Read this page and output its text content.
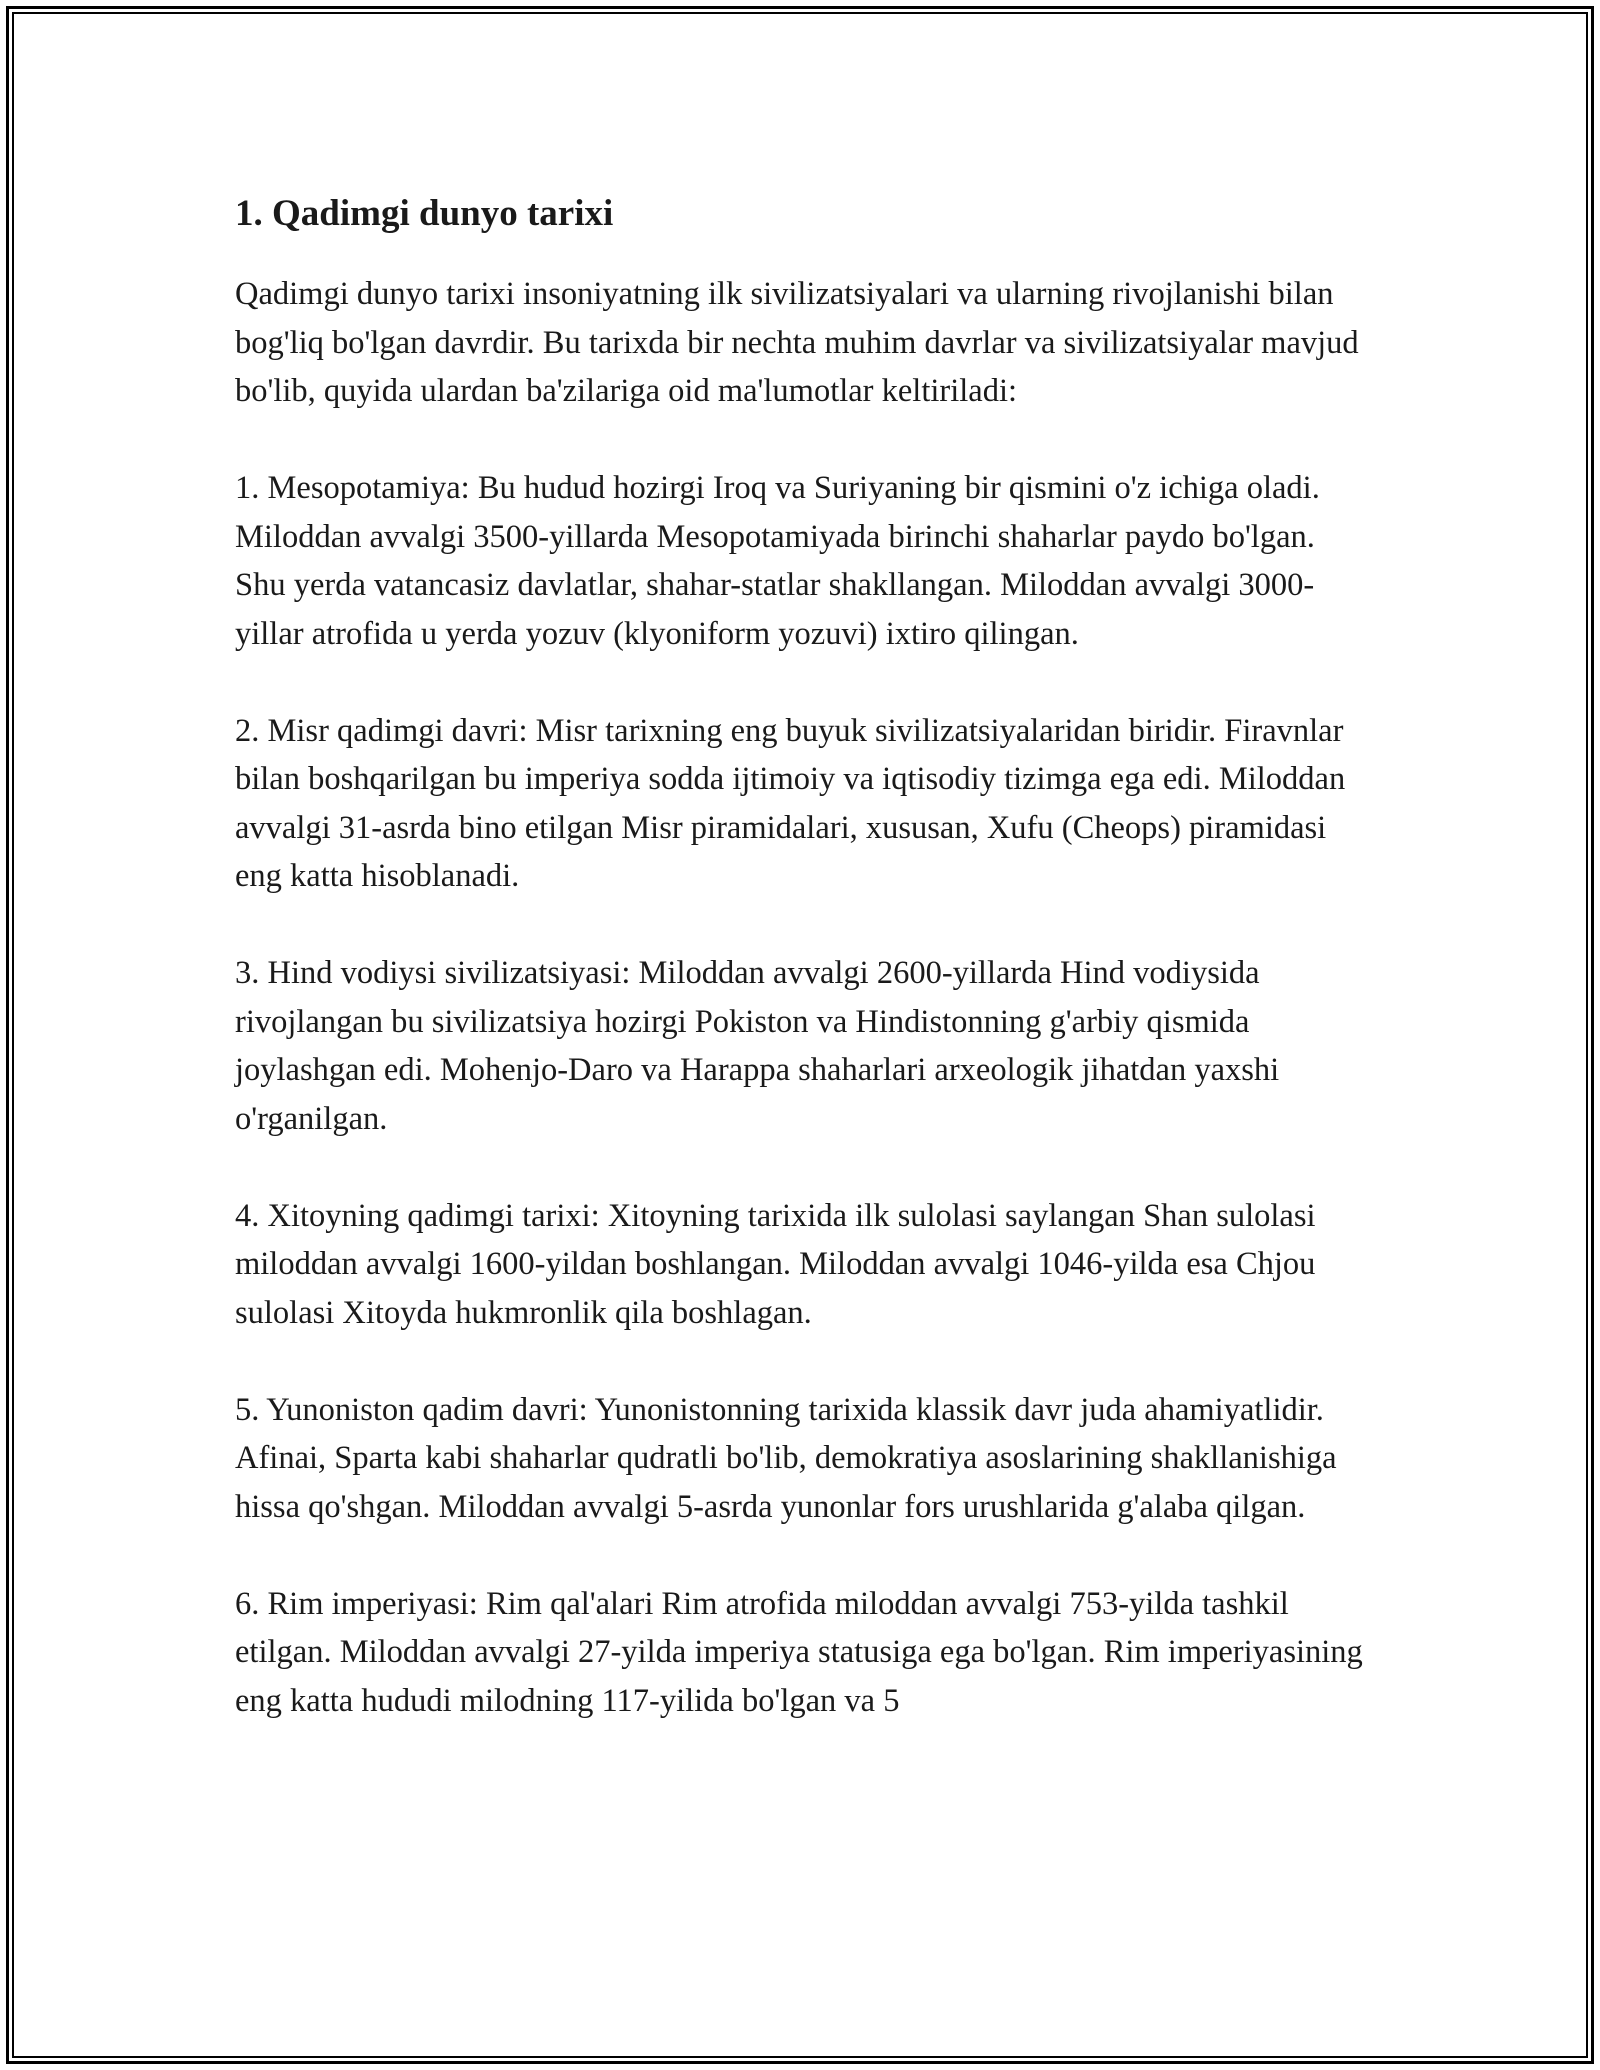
1. Qadimgi dunyo tarixi

Qadimgi dunyo tarixi insoniyatning ilk sivilizatsiyalari va ularning rivojlanishi bilan bog'liq bo'lgan davrdir. Bu tarixda bir nechta muhim davrlar va sivilizatsiyalar mavjud bo'lib, quyida ulardan ba'zilariga oid ma'lumotlar keltiriladi:

1. Mesopotamiya: Bu hudud hozirgi Iroq va Suriyaning bir qismini o'z ichiga oladi. Miloddan avvalgi 3500-yillarda Mesopotamiyada birinchi shaharlar paydo bo'lgan. Shu yerda vatancasiz davlatlar, shahar-statlar shakllangan. Miloddan avvalgi 3000-yillar atrofida u yerda yozuv (klyoniform yozuvi) ixtiro qilingan.

2. Misr qadimgi davri: Misr tarixning eng buyuk sivilizatsiyalaridan biridir. Firavnlar bilan boshqarilgan bu imperiya sodda ijtimoiy va iqtisodiy tizimga ega edi. Miloddan avvalgi 31-asrda bino etilgan Misr piramidalari, xususan, Xufu (Cheops) piramidasi eng katta hisoblanadi.

3. Hind vodiysi sivilizatsiyasi: Miloddan avvalgi 2600-yillarda Hind vodiysida rivojlangan bu sivilizatsiya hozirgi Pokiston va Hindistonning g'arbiy qismida joylashgan edi. Mohenjo-Daro va Harappa shaharlari arxeologik jihatdan yaxshi o'rganilgan.

4. Xitoyning qadimgi tarixi: Xitoyning tarixida ilk sulolasi saylangan Shan sulolasi miloddan avvalgi 1600-yildan boshlangan. Miloddan avvalgi 1046-yilda esa Chjou sulolasi Xitoyda hukmronlik qila boshlagan.

5. Yunoniston qadim davri: Yunonistonning tarixida klassik davr juda ahamiyatlidir. Afinai, Sparta kabi shaharlar qudratli bo'lib, demokratiya asoslarining shakllanishiga hissa qo'shgan. Miloddan avvalgi 5-asrda yunonlar fors urushlarida g'alaba qilgan.

6. Rim imperiyasi: Rim qal'alari Rim atrofida miloddan avvalgi 753-yilda tashkil etilgan. Miloddan avvalgi 27-yilda imperiya statusiga ega bo'lgan. Rim imperiyasining eng katta hududi milodning 117-yilida bo'lgan va 5
